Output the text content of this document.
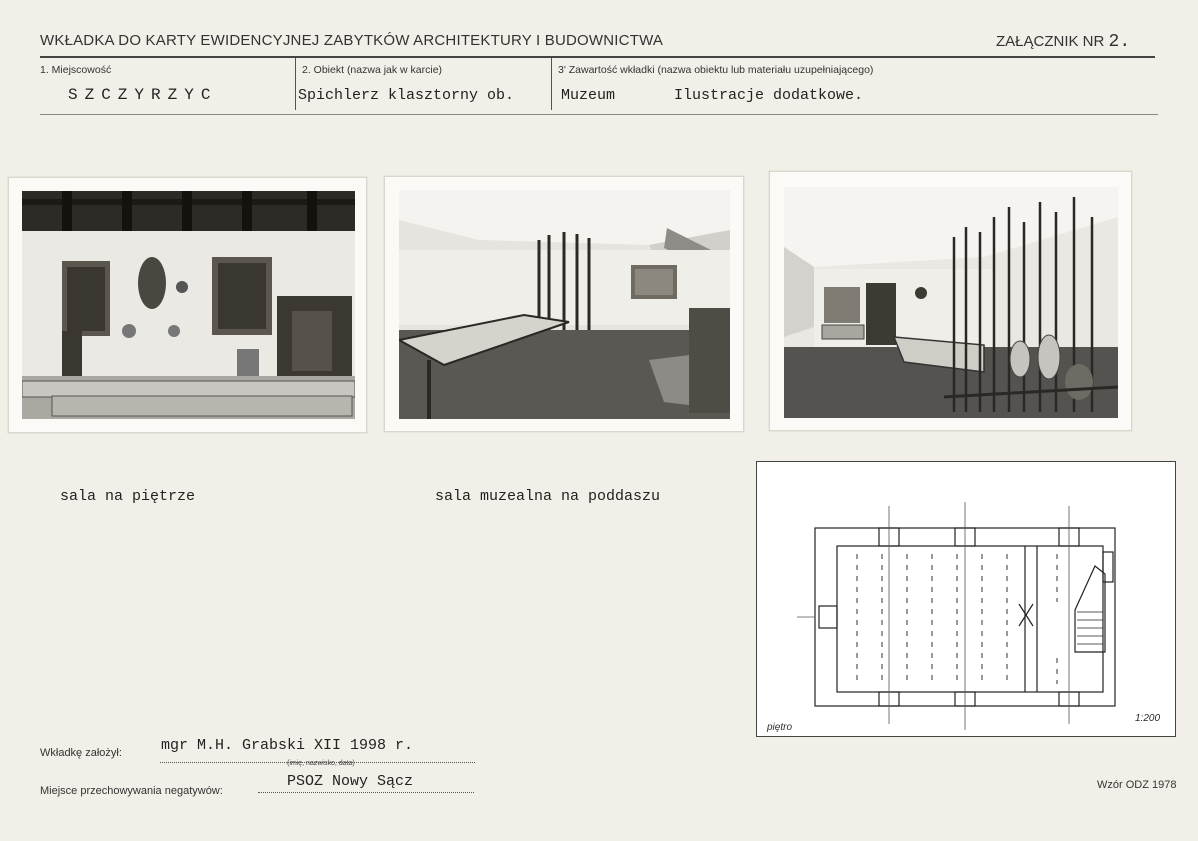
WKŁADKA DO KARTY EWIDENCYJNEJ ZABYTKÓW ARCHITEKTURY I BUDOWNICTWA	ZAŁĄCZNIK NR 2.
1. Miejscowość
SZCZYRZYC
2. Obiekt (nazwa jak w karcie)
Spichlerz klasztorny ob.
3' Zawartość wkładki (nazwa obiektu lub materiału uzupełniającego)
Muzeum	Ilustracje dodatkowe.
sala na piętrze	sala muzealna na poddaszu
piętro
1:200
Wkładkę założył:	mgr M.H. Grabski XII 1998 r.
(imię, nazwisko, data)
Miejsce przechowywania negatywów:
PSOZ Nowy Sącz	Wzór ODZ 1978
